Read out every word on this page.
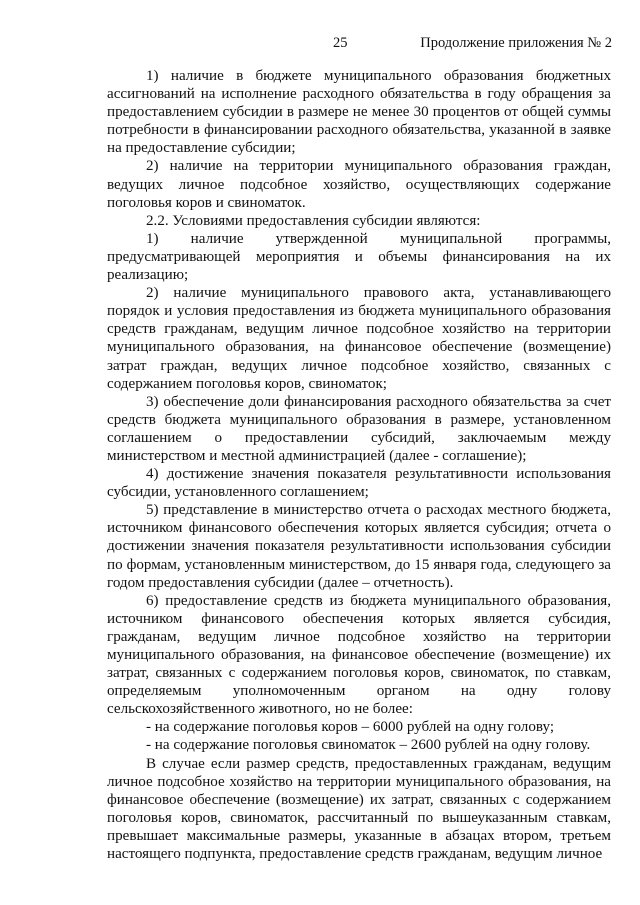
25	Продолжение приложения № 2

1) наличие в бюджете муниципального образования бюджетных ассигнований на исполнение расходного обязательства в году обращения за предоставлением субсидии в размере не менее 30 процентов от общей суммы потребности в финансировании расходного обязательства, указанной в заявке на предоставление субсидии;

2) наличие на территории муниципального образования граждан, ведущих личное подсобное хозяйство, осуществляющих содержание поголовья коров и свиноматок.

2.2. Условиями предоставления субсидии являются:

1) наличие утвержденной муниципальной программы, предусматривающей мероприятия и объемы финансирования на их реализацию;

2) наличие муниципального правового акта, устанавливающего порядок и условия предоставления из бюджета муниципального образования средств гражданам, ведущим личное подсобное хозяйство на территории муниципального образования, на финансовое обеспечение (возмещение) затрат граждан, ведущих личное подсобное хозяйство, связанных с содержанием поголовья коров, свиноматок;

3) обеспечение доли финансирования расходного обязательства за счет средств бюджета муниципального образования в размере, установленном соглашением о предоставлении субсидий, заключаемым между министерством и местной администрацией (далее - соглашение);

4) достижение значения показателя результативности использования субсидии, установленного соглашением;

5) представление в министерство отчета о расходах местного бюджета, источником финансового обеспечения которых является субсидия; отчета о достижении значения показателя результативности использования субсидии по формам, установленным министерством, до 15 января года, следующего за годом предоставления субсидии (далее – отчетность).

6) предоставление средств из бюджета муниципального образования, источником финансового обеспечения которых является субсидия, гражданам, ведущим личное подсобное хозяйство на территории муниципального образования, на финансовое обеспечение (возмещение) их затрат, связанных с содержанием поголовья коров, свиноматок, по ставкам, определяемым уполномоченным органом на одну голову сельскохозяйственного животного, но не более:

- на содержание поголовья коров – 6000 рублей на одну голову;

- на содержание поголовья свиноматок – 2600 рублей на одну голову.

В случае если размер средств, предоставленных гражданам, ведущим личное подсобное хозяйство на территории муниципального образования, на финансовое обеспечение (возмещение) их затрат, связанных с содержанием поголовья коров, свиноматок, рассчитанный по вышеуказанным ставкам, превышает максимальные размеры, указанные в абзацах втором, третьем настоящего подпункта, предоставление средств гражданам, ведущим личное
